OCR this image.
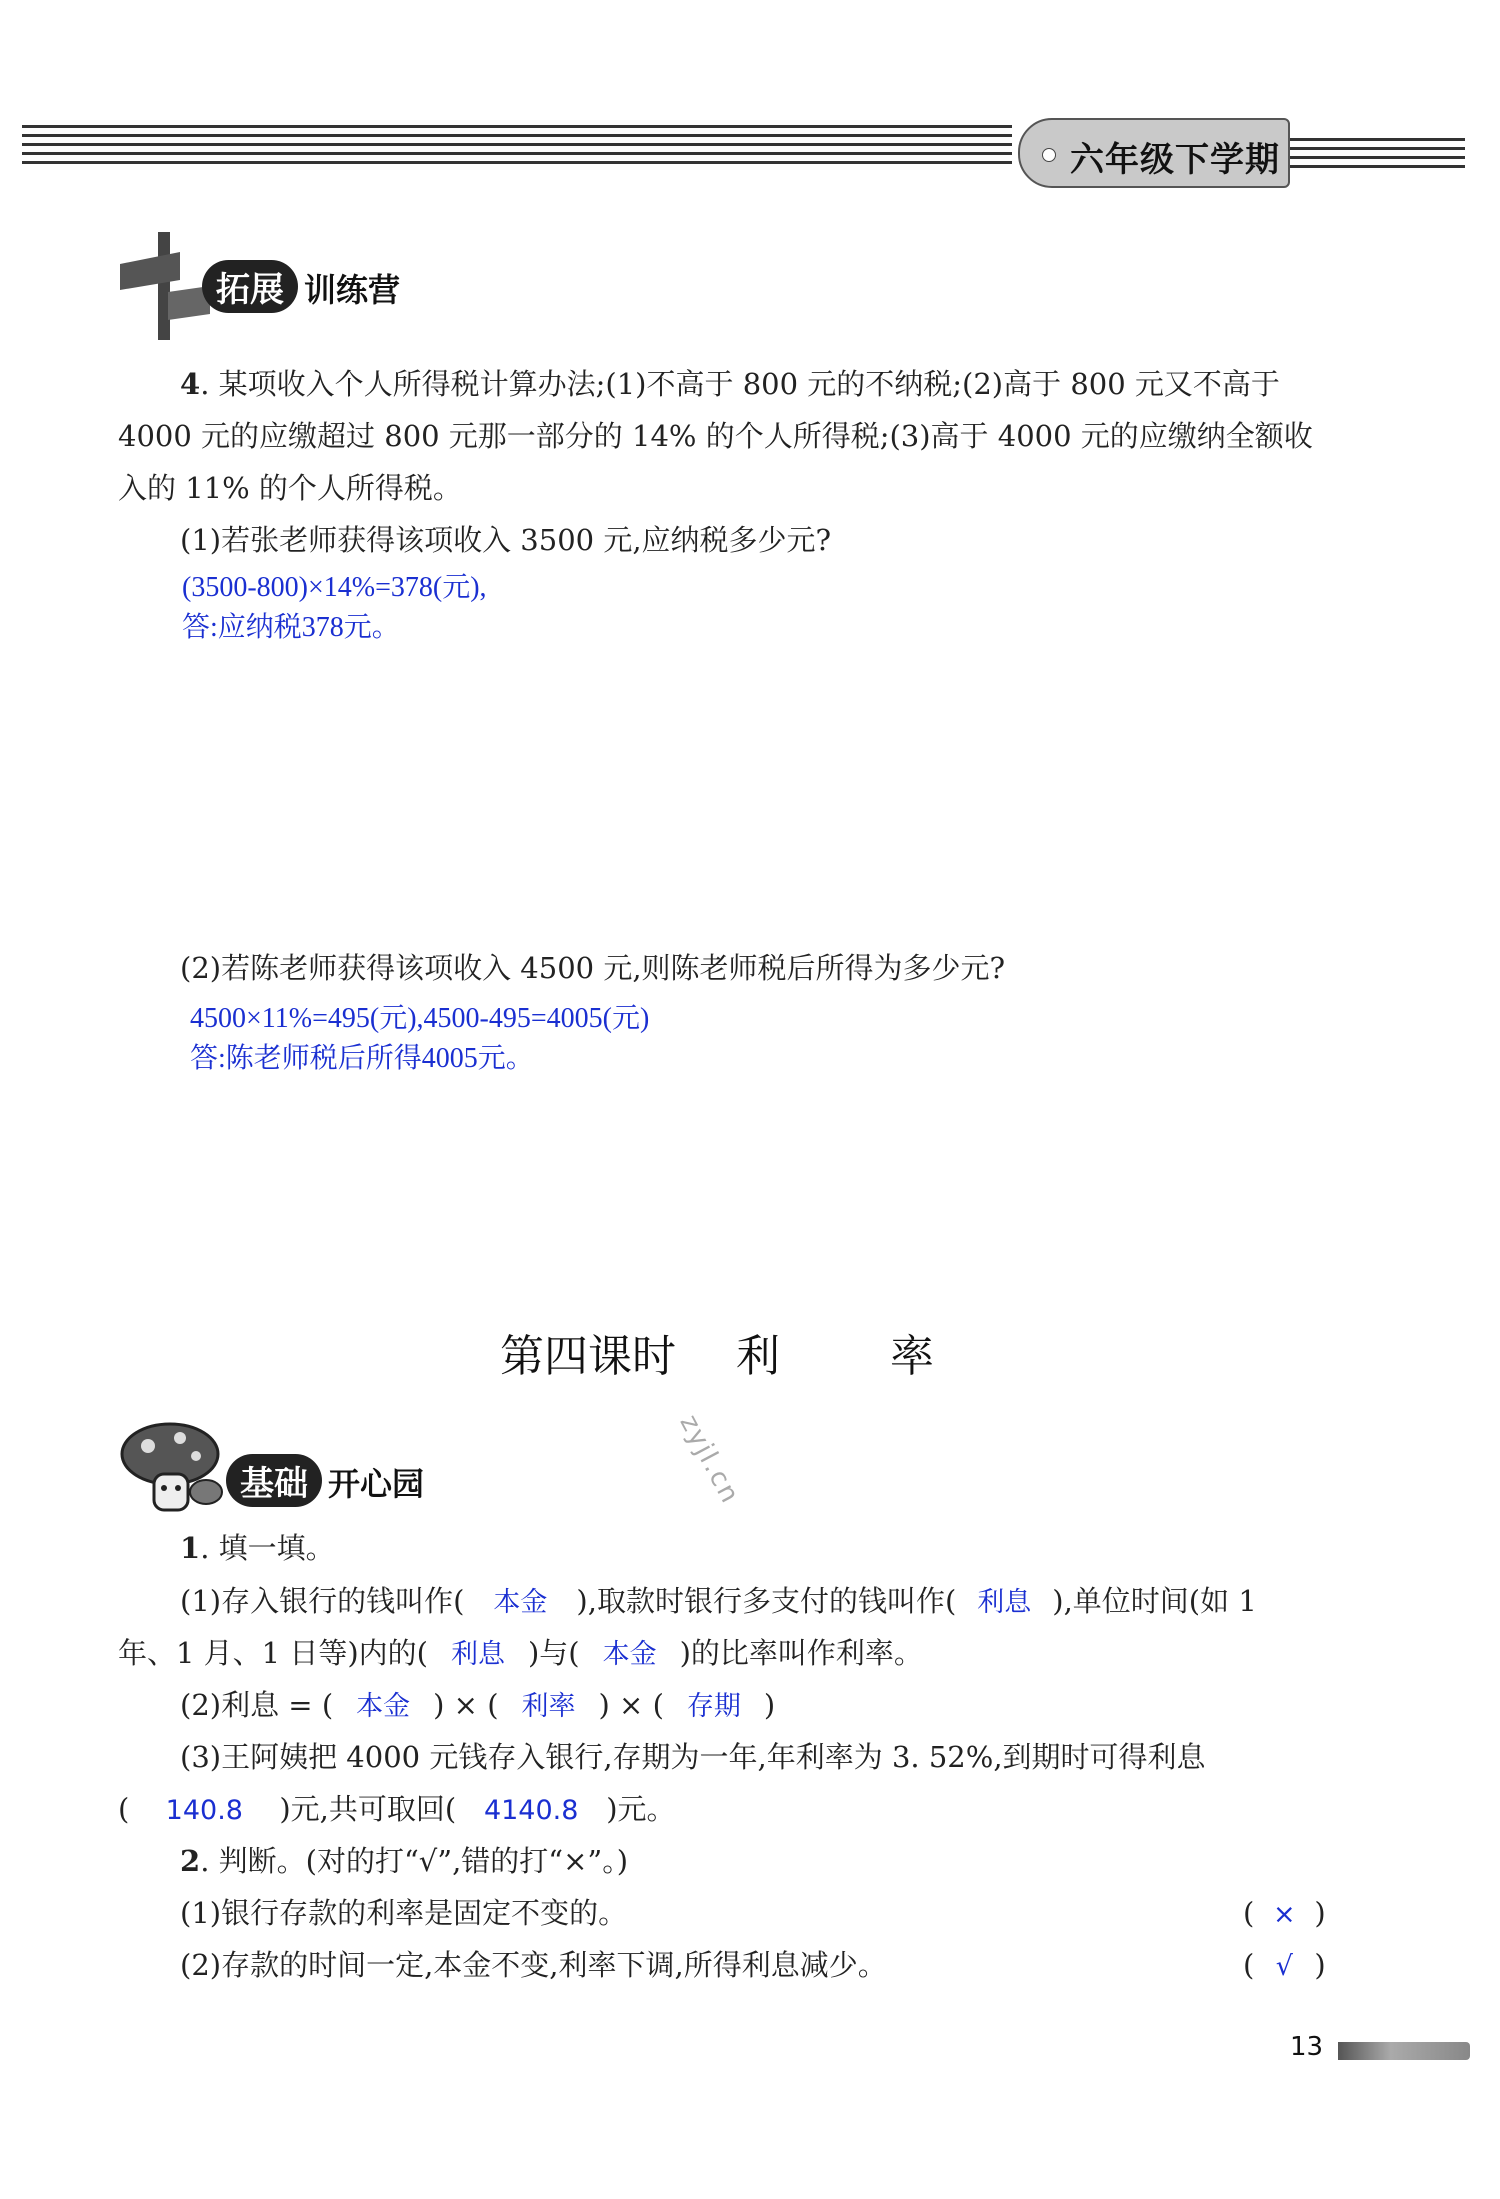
六年级下学期
拓展 训练营
4. 某项收入个人所得税计算办法;(1)不高于 800 元的不纳税;(2)高于 800 元又不高于
4000 元的应缴超过 800 元那一部分的 14% 的个人所得税;(3)高于 4000 元的应缴纳全额收
入的 11% 的个人所得税。
(1)若张老师获得该项收入 3500 元,应纳税多少元?
(3500-800)×14%=378(元),
答:应纳税378元。
(2)若陈老师获得该项收入 4500 元,则陈老师税后所得为多少元?
4500×11%=495(元),4500-495=4005(元)
答:陈老师税后所得4005元。
第四课时 利	率
zyjl.cn
基础 开心园
1. 填一填。
(1)存入银行的钱叫作( 本金 ),取款时银行多支付的钱叫作( 利息 ),单位时间(如 1
年、1 月、1 日等)内的( 利息 )与( 本金 )的比率叫作利率。
(2)利息 = ( 本金 ) × ( 利率 ) × ( 存期 )
(3)王阿姨把 4000 元钱存入银行,存期为一年,年利率为 3. 52%,到期时可得利息
( 140.8 )元,共可取回( 4140.8 )元。
2. 判断。(对的打“√”,错的打“×”。)
(1)银行存款的利率是固定不变的。	( × )
(2)存款的时间一定,本金不变,利率下调,所得利息减少。	( √ )
13
